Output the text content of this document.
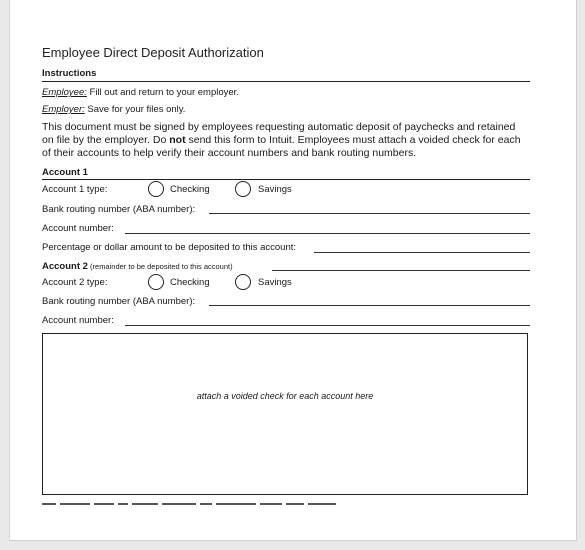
Employee Direct Deposit Authorization
Instructions
Employee: Fill out and return to your employer.
Employer: Save for your files only.
This document must be signed by employees requesting automatic deposit of paychecks and retained on file by the employer. Do not send this form to Intuit. Employees must attach a voided check for each of their accounts to help verify their account numbers and bank routing numbers.
Account 1
Account 1 type:	Checking	Savings
Bank routing number (ABA number):
Account number:
Percentage or dollar amount to be deposited to this account:
Account 2 (remainder to be deposited to this account)
Account 2 type:	Checking	Savings
Bank routing number (ABA number):
Account number:
attach a voided check for each account here
